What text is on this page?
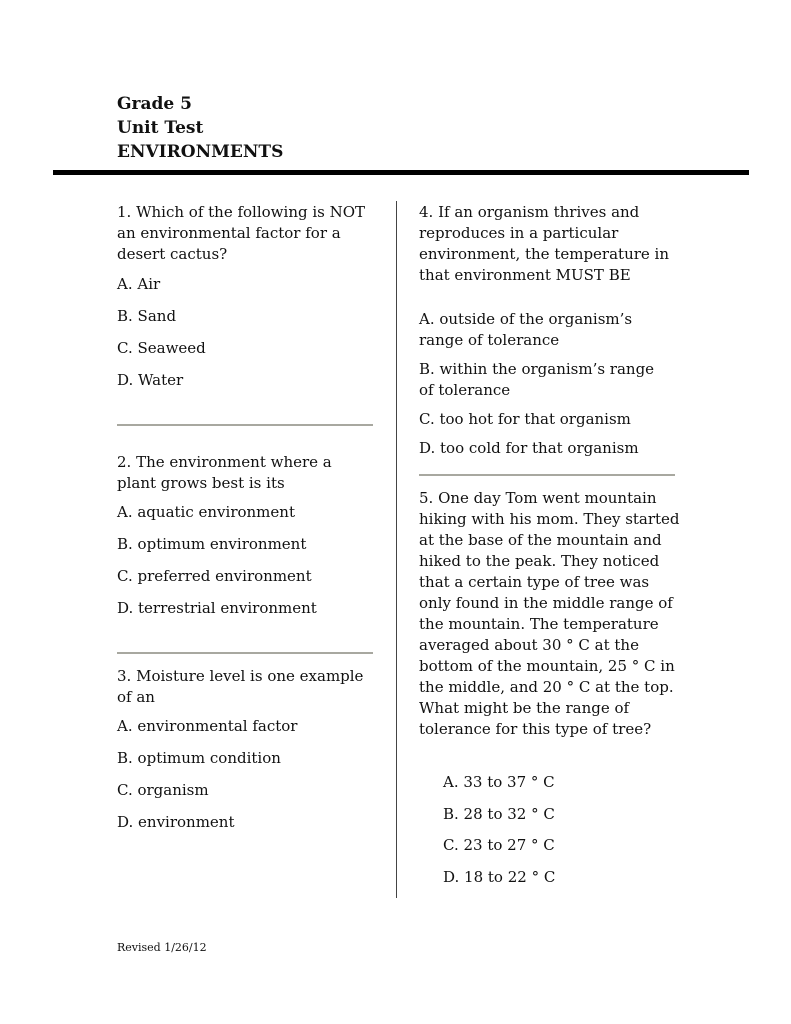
Grade 5
Unit Test
ENVIRONMENTS

1. Which of the following is NOT an environmental factor for a desert cactus?

A. Air

B. Sand

C. Seaweed

D. Water

2. The environment where a plant grows best is its

A. aquatic environment

B. optimum environment

C. preferred environment

D. terrestrial environment

3. Moisture level is one example of an

A. environmental factor

B. optimum condition

C. organism

D. environment

4. If an organism thrives and reproduces in a particular environment, the temperature in that environment MUST BE

A. outside of the organism’s range of tolerance

B. within the organism’s range of tolerance

C. too hot for that organism

D. too cold for that organism

5. One day Tom went mountain hiking with his mom. They started at the base of the mountain and hiked to the peak. They noticed that a certain type of tree was only found in the middle range of the mountain. The temperature averaged about 30 ° C at the bottom of the mountain, 25 ° C in the middle, and 20 ° C at the top. What might be the range of tolerance for this type of tree?

A. 33 to 37 ° C

B. 28 to 32 ° C

C. 23 to 27 ° C

D. 18 to 22 ° C

Revised 1/26/12
